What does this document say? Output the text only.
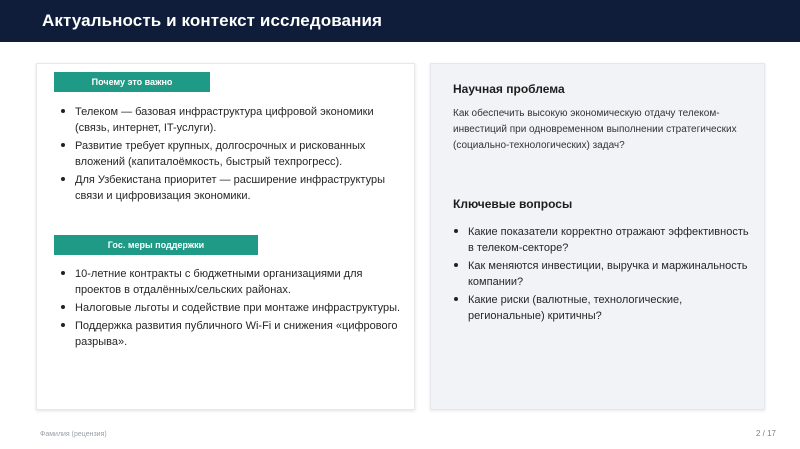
Актуальность и контекст исследования
Почему это важно
Телеком — базовая инфраструктура цифровой экономики (связь, интернет, IT-услуги).
Развитие требует крупных, долгосрочных и рискованных вложений (капиталоёмкость, быстрый техпрогресс).
Для Узбекистана приоритет — расширение инфраструктуры связи и цифровизация экономики.
Гос. меры поддержки
10-летние контракты с бюджетными организациями для проектов в отдалённых/сельских районах.
Налоговые льготы и содействие при монтаже инфраструктуры.
Поддержка развития публичного Wi-Fi и снижения «цифрового разрыва».
Научная проблема
Как обеспечить высокую экономическую отдачу телеком-инвестиций при одновременном выполнении стратегических (социально-технологических) задач?
Ключевые вопросы
Какие показатели корректно отражают эффективность в телеком-секторе?
Как меняются инвестиции, выручка и маржинальность компании?
Какие риски (валютные, технологические, региональные) критичны?
Фамилия (рецензия)	2 / 17
